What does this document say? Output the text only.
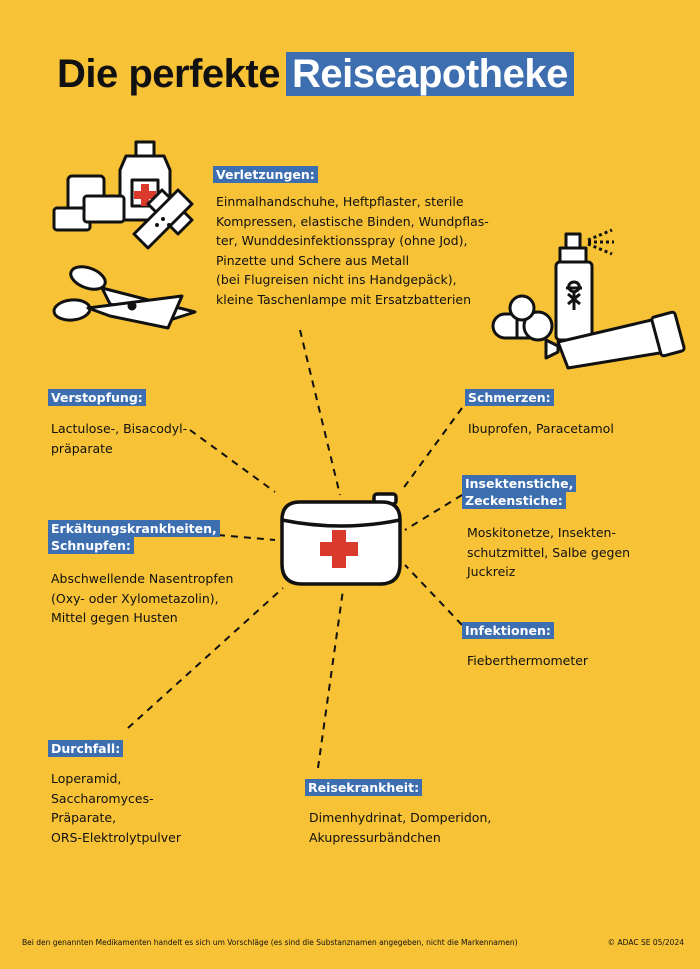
Die perfekte Reiseapotheke
Verletzungen:
Einmalhandschuhe, Heftpflaster, sterile
Kompressen, elastische Binden, Wundpflas-
ter, Wunddesinfektionsspray (ohne Jod),
Pinzette und Schere aus Metall
(bei Flugreisen nicht ins Handgepäck),
kleine Taschenlampe mit Ersatzbatterien
Verstopfung:
Lactulose-, Bisacodyl-
präparate
Schmerzen:
Ibuprofen, Paracetamol
Insektenstiche,
Zeckenstiche:
Moskitonetze, Insekten-
schutzmittel, Salbe gegen
Juckreiz
Erkältungskrankheiten,
Schnupfen:
Abschwellende Nasentropfen
(Oxy- oder Xylometazolin),
Mittel gegen Husten
Infektionen:
Fieberthermometer
Durchfall:
Loperamid,
Saccharomyces-
Präparate,
ORS-Elektrolytpulver
Reisekrankheit:
Dimenhydrinat, Domperidon,
Akupressurbändchen
Bei den genannten Medikamenten handelt es sich um Vorschläge (es sind die Substanznamen angegeben, nicht die Markennamen)	© ADAC SE 05/2024
